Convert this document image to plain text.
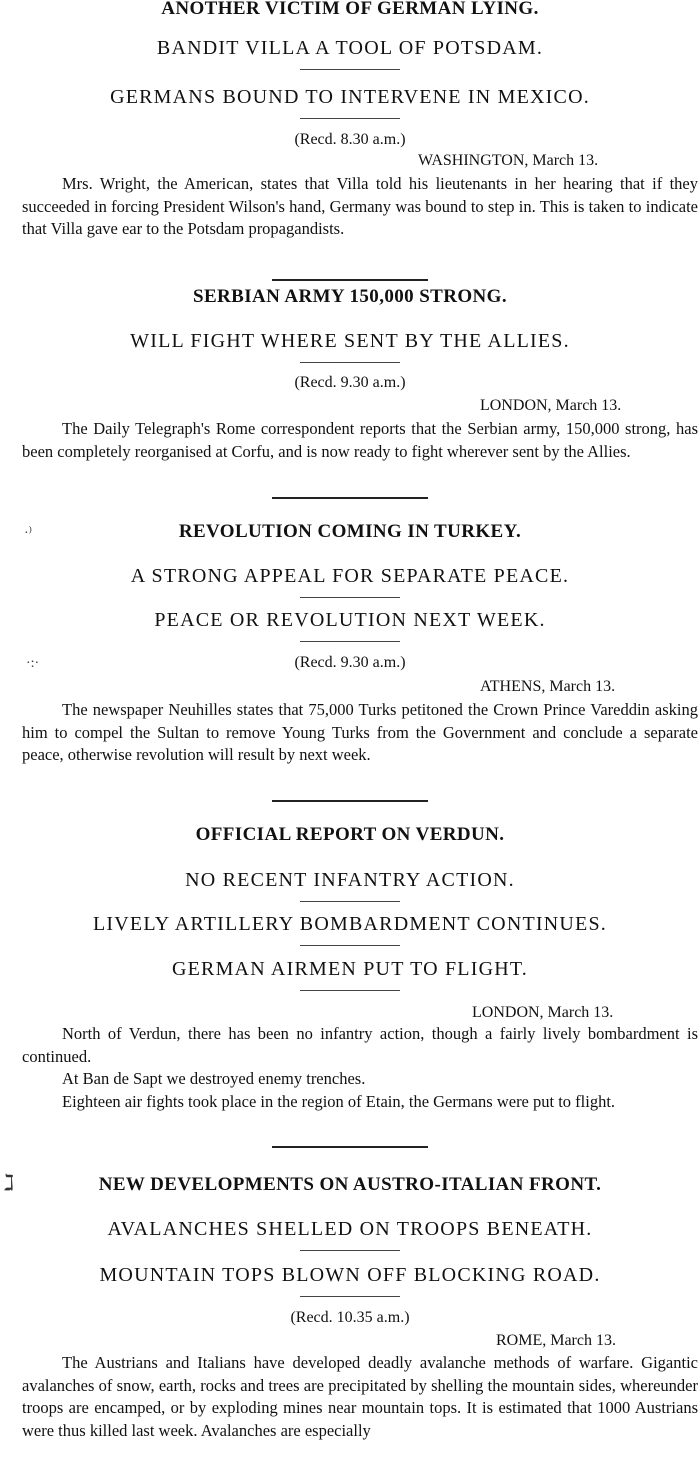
ANOTHER VICTIM OF GERMAN LYING.
BANDIT VILLA A TOOL OF POTSDAM.
GERMANS BOUND TO INTERVENE IN MEXICO.
(Recd. 8.30 a.m.)
WASHINGTON, March 13.

Mrs. Wright, the American, states that Villa told his lieutenants in her hearing that if they succeeded in forcing President Wilson's hand, Germany was bound to step in. This is taken to indicate that Villa gave ear to the Potsdam propagandists.

SERBIAN ARMY 150,000 STRONG.
WILL FIGHT WHERE SENT BY THE ALLIES.
(Recd. 9.30 a.m.)
LONDON, March 13.

The Daily Telegraph's Rome correspondent reports that the Serbian army, 150,000 strong, has been completely reorganised at Corfu, and is now ready to fight wherever sent by the Allies.

·⁾	REVOLUTION COMING IN TURKEY.
A STRONG APPEAL FOR SEPARATE PEACE.
PEACE OR REVOLUTION NEXT WEEK.
·:·	(Recd. 9.30 a.m.)
ATHENS, March 13.

The newspaper Neuhilles states that 75,000 Turks petitoned the Crown Prince Vareddin asking him to compel the Sultan to remove Young Turks from the Government and conclude a separate peace, otherwise revolution will result by next week.

OFFICIAL REPORT ON VERDUN.
NO RECENT INFANTRY ACTION.
LIVELY ARTILLERY BOMBARDMENT CONTINUES.
GERMAN AIRMEN PUT TO FLIGHT.
LONDON, March 13.

North of Verdun, there has been no infantry action, though a fairly lively bombardment is continued.

At Ban de Sapt we destroyed enemy trenches.

Eighteen air fights took place in the region of Etain, the Germans were put to flight.

ℷ	NEW DEVELOPMENTS ON AUSTRO-ITALIAN FRONT.
AVALANCHES SHELLED ON TROOPS BENEATH.
MOUNTAIN TOPS BLOWN OFF BLOCKING ROAD.
(Recd. 10.35 a.m.)
ROME, March 13.

The Austrians and Italians have developed deadly avalanche methods of warfare. Gigantic avalanches of snow, earth, rocks and trees are precipitated by shelling the mountain sides, whereunder troops are encamped, or by exploding mines near mountain tops. It is estimated that 1000 Austrians were thus killed last week. Avalanches are especially
